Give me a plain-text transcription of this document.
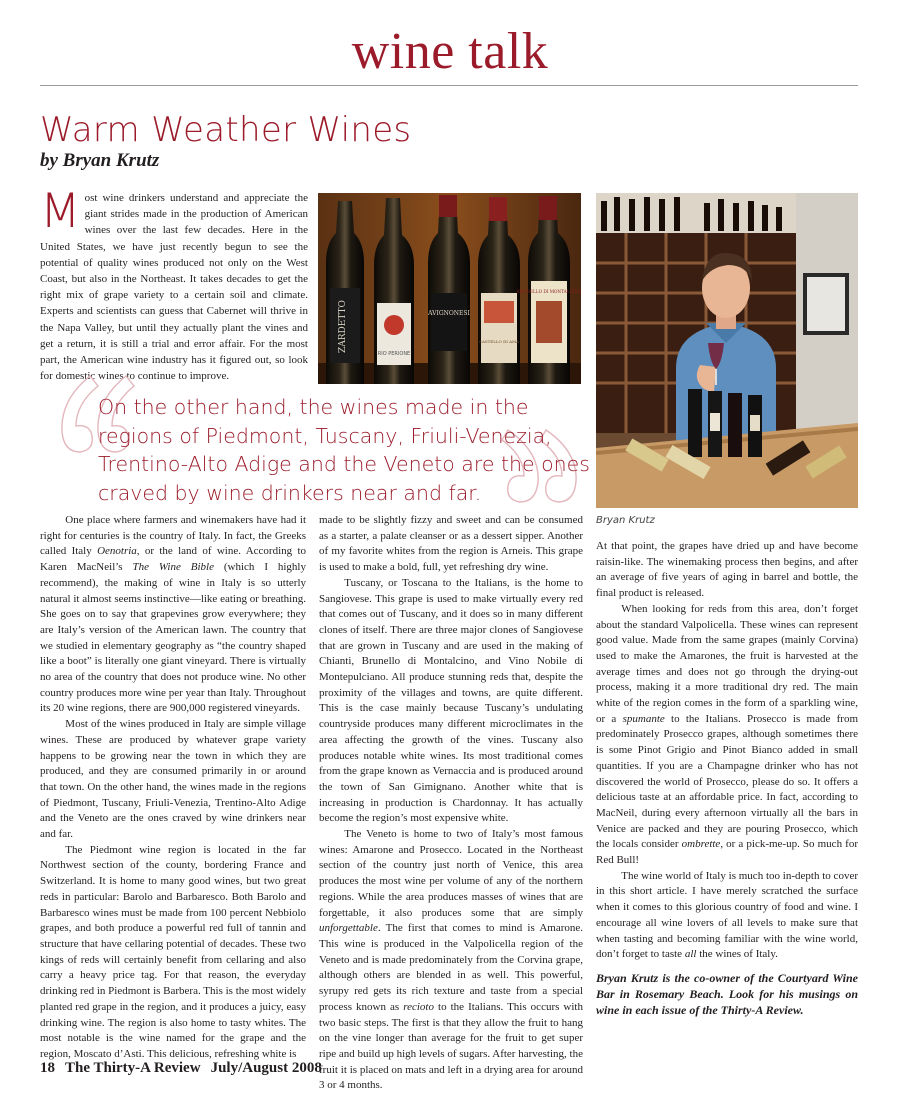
wine talk
Warm Weather Wines
by Bryan Krutz
Most wine drinkers understand and appreciate the giant strides made in the production of American wines over the last few decades. Here in the United States, we have just recently begun to see the potential of quality wines produced not only on the West Coast, but also in the Northeast. It takes decades to get the right mix of grape variety to a certain soil and climate. Experts and scientists can guess that Cabernet will thrive in the Napa Valley, but until they actually plant the vines and get a return, it is still a trial and error affair. For the most part, the American wine industry has it figured out, so look for domestic wines to continue to improve.
ZARDETTO
RIO PERIONE
AVIGNONESI
CASTELLO DI AMA
BRUNELLO DI MONTALCINO
Bryan Krutz
On the other hand, the wines made in the regions of Piedmont, Tuscany, Friuli-Venezia, Trentino-Alto Adige and the Veneto are the ones craved by wine drinkers near and far.

One place where farmers and winemakers have had it right for centuries is the country of Italy. In fact, the Greeks called Italy Oenotria, or the land of wine. According to Karen MacNeil’s The Wine Bible (which I highly recommend), the making of wine in Italy is so utterly natural it almost seems instinctive—like eating or breathing. She goes on to say that grapevines grow everywhere; they are Italy’s version of the American lawn. The country that we studied in elementary geography as “the country shaped like a boot” is literally one giant vineyard. There is virtually no area of the country that does not produce wine. No other country produces more wine per year than Italy. Throughout its 20 wine regions, there are 900,000 registered vineyards.

Most of the wines produced in Italy are simple village wines. These are produced by whatever grape variety happens to be growing near the town in which they are produced, and they are consumed primarily in or around that town. On the other hand, the wines made in the regions of Piedmont, Tuscany, Friuli-Venezia, Trentino-Alto Adige and the Veneto are the ones craved by wine drinkers near and far.

The Piedmont wine region is located in the far Northwest section of the county, bordering France and Switzerland. It is home to many good wines, but two great reds in particular: Barolo and Barbaresco. Both Barolo and Barbaresco wines must be made from 100 percent Nebbiolo grapes, and both produce a powerful red full of tannin and structure that have cellaring potential of decades. These two kings of reds will certainly benefit from cellaring and also carry a heavy price tag. For that reason, the everyday drinking red in Piedmont is Barbera. This is the most widely planted red grape in the region, and it produces a juicy, easy drinking wine. The region is also home to tasty whites. The most notable is the wine named for the grape and the region, Moscato d’Asti. This delicious, refreshing white is

made to be slightly fizzy and sweet and can be consumed as a starter, a palate cleanser or as a dessert sipper. Another of my favorite whites from the region is Arneis. This grape is used to make a bold, full, yet refreshing dry wine.

Tuscany, or Toscana to the Italians, is the home to Sangiovese. This grape is used to make virtually every red that comes out of Tuscany, and it does so in many different clones of itself. There are three major clones of Sangiovese that are grown in Tuscany and are used in the making of Chianti, Brunello di Montalcino, and Vino Nobile di Montepulciano. All produce stunning reds that, despite the proximity of the villages and towns, are quite different. This is the case mainly because Tuscany’s undulating countryside produces many different microclimates in the area affecting the growth of the vines. Tuscany also produces notable white wines. Its most traditional comes from the grape known as Vernaccia and is produced around the town of San Gimignano. Another white that is increasing in production is Chardonnay. It has actually become the region’s most expensive white.

The Veneto is home to two of Italy’s most famous wines: Amarone and Prosecco. Located in the Northeast section of the country just north of Venice, this area produces the most wine per volume of any of the northern regions. While the area produces masses of wines that are forgettable, it also produces some that are simply unforgettable. The first that comes to mind is Amarone. This wine is produced in the Valpolicella region of the Veneto and is made predominately from the Corvina grape, although others are blended in as well. This powerful, syrupy red gets its rich texture and taste from a special process known as recioto to the Italians. This occurs with two basic steps. The first is that they allow the fruit to hang on the vine longer than average for the fruit to get super ripe and build up high levels of sugars. After harvesting, the fruit it is placed on mats and left in a drying area for around 3 or 4 months.

At that point, the grapes have dried up and have become raisin-like. The winemaking process then begins, and after an average of five years of aging in barrel and bottle, the final product is released.

When looking for reds from this area, don’t forget about the standard Valpolicella. These wines can represent good value. Made from the same grapes (mainly Corvina) used to make the Amarones, the fruit is harvested at the average times and does not go through the drying-out process, making it a more traditional dry red. The main white of the region comes in the form of a sparkling wine, or a spumante to the Italians. Prosecco is made from predominately Prosecco grapes, although sometimes there is some Pinot Grigio and Pinot Bianco added in small quantities. If you are a Champagne drinker who has not discovered the world of Prosecco, please do so. It offers a delicious taste at an affordable price. In fact, according to MacNeil, during every afternoon virtually all the bars in Venice are packed and they are pouring Prosecco, which the locals consider ombrette, or a pick-me-up. So much for Red Bull!

The wine world of Italy is much too in-depth to cover in this short article. I have merely scratched the surface when it comes to this glorious country of food and wine. I encourage all wine lovers of all levels to make sure that when tasting and becoming familiar with the wine world, don’t forget to taste all the wines of Italy.

Bryan Krutz is the co-owner of the Courtyard Wine Bar in Rosemary Beach. Look for his musings on wine in each issue of the Thirty-A Review.
18 The Thirty-A Review July/August 2008
